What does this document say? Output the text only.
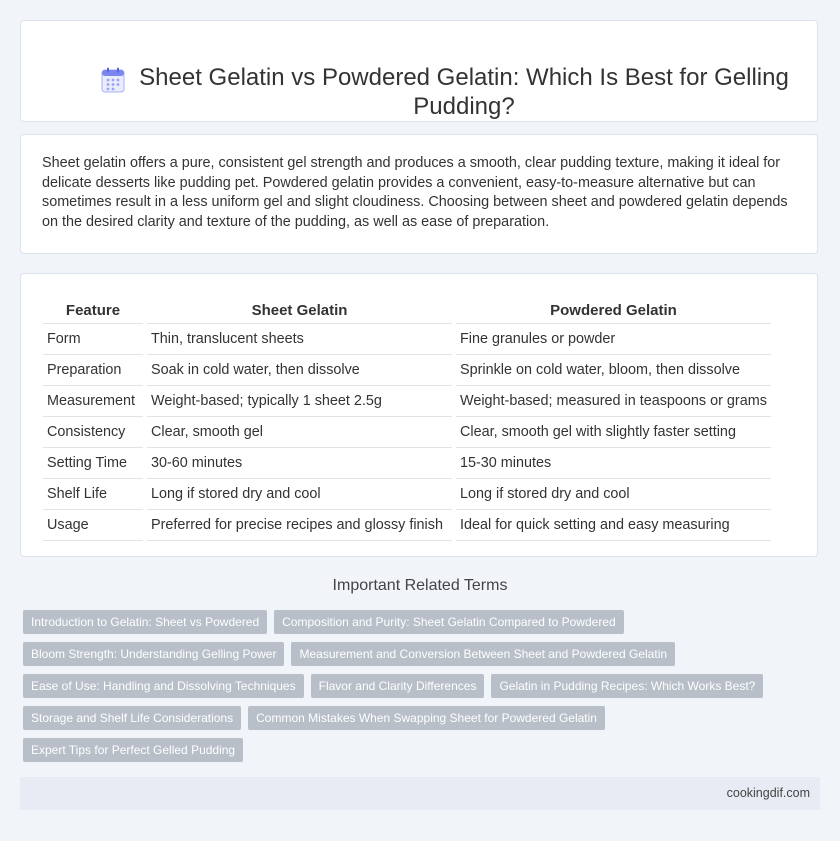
Sheet Gelatin vs Powdered Gelatin: Which Is Best for Gelling Pudding?

Sheet gelatin offers a pure, consistent gel strength and produces a smooth, clear pudding texture, making it ideal for delicate desserts like pudding pet. Powdered gelatin provides a convenient, easy-to-measure alternative but can sometimes result in a less uniform gel and slight cloudiness. Choosing between sheet and powdered gelatin depends on the desired clarity and texture of the pudding, as well as ease of preparation.

Feature	Sheet Gelatin	Powdered Gelatin
Form	Thin, translucent sheets	Fine granules or powder
Preparation	Soak in cold water, then dissolve	Sprinkle on cold water, bloom, then dissolve
Measurement	Weight-based; typically 1 sheet 2.5g	Weight-based; measured in teaspoons or grams
Consistency	Clear, smooth gel	Clear, smooth gel with slightly faster setting
Setting Time	30-60 minutes	15-30 minutes
Shelf Life	Long if stored dry and cool	Long if stored dry and cool
Usage	Preferred for precise recipes and glossy finish	Ideal for quick setting and easy measuring
Important Related Terms
Introduction to Gelatin: Sheet vs Powdered	Composition and Purity: Sheet Gelatin Compared to Powdered
Bloom Strength: Understanding Gelling Power	Measurement and Conversion Between Sheet and Powdered Gelatin
Ease of Use: Handling and Dissolving Techniques	Flavor and Clarity Differences	Gelatin in Pudding Recipes: Which Works Best?
Storage and Shelf Life Considerations	Common Mistakes When Swapping Sheet for Powdered Gelatin
Expert Tips for Perfect Gelled Pudding
cookingdif.com
